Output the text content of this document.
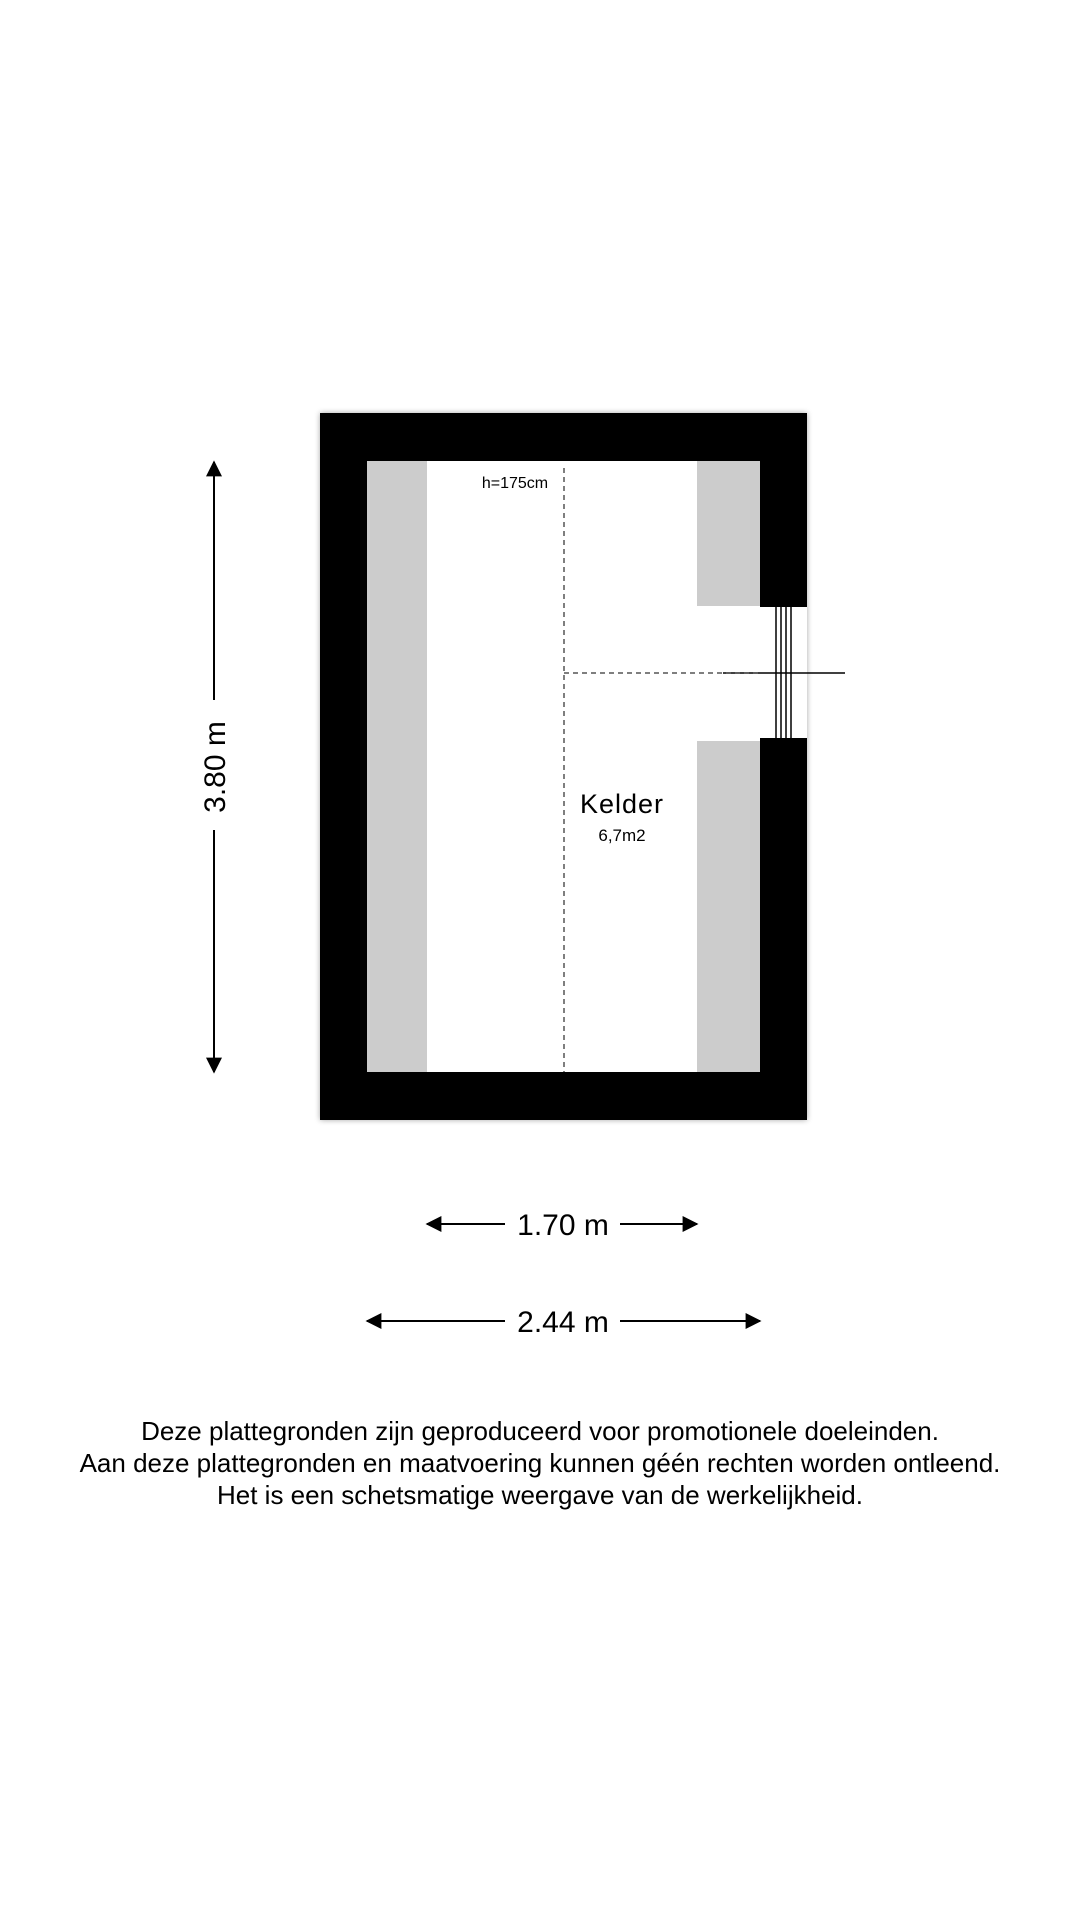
h=175cm
Kelder
6,7m2
3.80 m
1.70 m
2.44 m
Deze plattegronden zijn geproduceerd voor promotionele doeleinden.
Aan deze plattegronden en maatvoering kunnen géén rechten worden ontleend.
Het is een schetsmatige weergave van de werkelijkheid.
